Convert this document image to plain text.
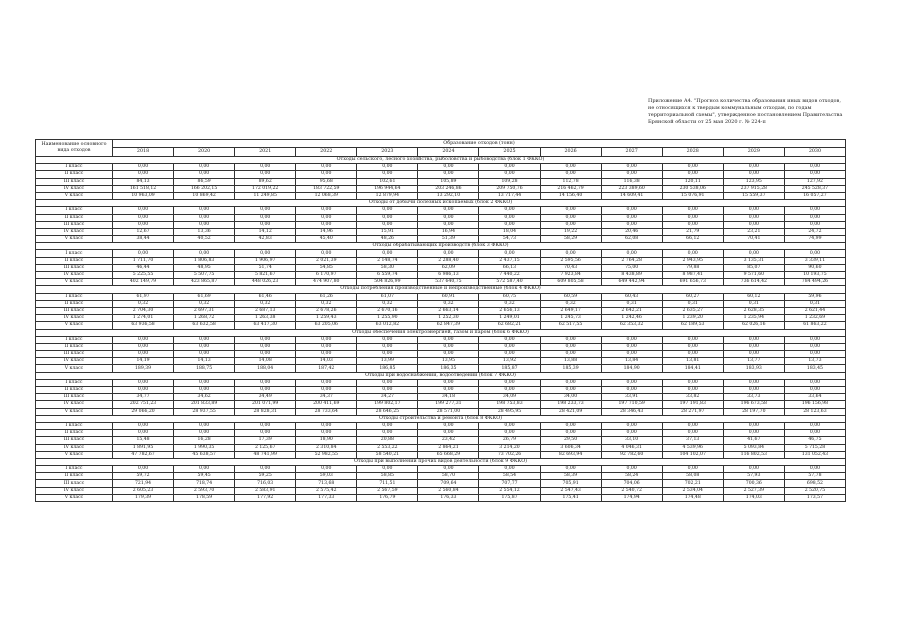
Приложение А4. "Прогноз количества образования иных видов отходов,
не относящихся к твердым коммунальным отходам, по годам
территориальной схемы", утвержденное постановлением Правительства
Брянской области от 25 мая 2020 г. № 224-п
Наименование основного вида отходов	Образование отходов (тонн)											
	2018	2020	2021	2022	2023	2024	2025	2026	2027	2028	2029	2030
Отходы сельского, лесного хозяйства, рыболовства и рыбоводства (блок 1 ФККО)												
I класс	0,00	0,00	0,00	0,00	0,00	0,00	0,00	0,00	0,00	0,00	0,00	0,00
II класс	0,00	0,00	0,00	0,00	0,00	0,00	0,00	0,00	0,00	0,00	0,00	0,00
III класс	84,13	86,59	89,62	95,68	102,61	105,89	109,28	112,78	116,38	120,11	123,95	127,92
IV класс	161 518,12	166 202,15	172 019,22	183 722,59	196 944,64	203 246,86	209 750,76	216 462,79	223 389,60	230 538,06	237 915,28	245 528,37
V класс	10 963,09	10 869,42	11 249,85	12 068,39	12 879,94	13 292,10	13 717,44	14 156,40	14 609,41	15 076,91	15 559,37	16 057,27
Отходы от добычи полезных ископаемых (блок 2 ФККО)												
I класс	0,00	0,00	0,00	0,00	0,00	0,00	0,00	0,00	0,00	0,00	0,00	0,00
II класс	0,00	0,00	0,00	0,00	0,00	0,00	0,00	0,00	0,00	0,00	0,00	0,00
III класс	0,00	0,00	0,00	0,00	0,00	0,00	0,00	0,00	0,00	0,00	0,00	0,00
IV класс	12,67	13,36	14,12	14,96	15,91	16,94	18,04	19,22	20,46	21,79	23,21	24,72
V класс	38,44	40,52	42,83	45,40	48,26	51,39	54,73	58,29	62,08	66,12	70,41	74,99
Отходы обрабатывающих производств (блок 3 ФККО)												
I класс	0,00	0,00	0,00	0,00	0,00	0,00	0,00	0,00	0,00	0,00	0,00	0,00
II класс	1 711,70	1 806,83	1 906,97	2 021,39	2 148,74	2 288,40	2 437,15	2 595,56	2 764,28	2 943,95	3 135,31	3 339,11
III класс	46,44	48,95	51,74	54,85	58,30	62,09	66,13	70,43	75,00	79,88	85,07	90,60
IV класс	5 225,55	5 507,75	5 821,67	6 170,97	6 559,74	6 986,13	7 440,22	7 923,84	8 438,89	8 987,41	9 571,60	10 193,75
V класс	402 149,79	423 865,87	448 026,23	474 907,80	504 826,99	537 640,75	572 587,40	609 805,58	649 442,94	691 656,73	736 614,42	784 494,26
Отходы потребления производственные и непроизводственные (блок 4 ФККО)												
I класс	61,97	61,69	61,46	61,26	61,07	60,91	60,75	60,59	60,43	60,27	60,12	59,96
II класс	0,32	0,32	0,32	0,32	0,32	0,32	0,32	0,32	0,31	0,31	0,31	0,31
III класс	2 704,30	2 697,31	2 687,13	2 678,26	2 670,16	2 663,14	2 656,13	2 649,17	2 642,21	2 635,27	2 628,35	2 621,44
IV класс	1 274,01	1 268,72	1 263,38	1 259,43	1 255,90	1 252,30	1 249,01	1 245,73	1 242,46	1 239,20	1 235,94	1 232,69
V класс	63 936,58	63 632,58	63 417,30	63 205,06	63 012,82	62 847,39	62 682,21	62 517,55	62 353,32	62 189,53	62 026,16	61 863,22
Отходы обеспечения электроэнергией, газом и паром (блок 6 ФККО)												
I класс	0,00	0,00	0,00	0,00	0,00	0,00	0,00	0,00	0,00	0,00	0,00	0,00
II класс	0,00	0,00	0,00	0,00	0,00	0,00	0,00	0,00	0,00	0,00	0,00	0,00
III класс	0,00	0,00	0,00	0,00	0,00	0,00	0,00	0,00	0,00	0,00	0,00	0,00
IV класс	14,19	14,13	14,08	14,03	13,99	13,95	13,92	13,88	13,84	13,81	13,77	13,73
V класс	189,39	188,75	188,04	187,42	186,85	186,35	185,87	185,39	184,90	184,41	183,93	183,45
Отходы при водоснабжении, водоотведении (блок 7 ФККО)												
I класс	0,00	0,00	0,00	0,00	0,00	0,00	0,00	0,00	0,00	0,00	0,00	0,00
II класс	0,00	0,00	0,00	0,00	0,00	0,00	0,00	0,00	0,00	0,00	0,00	0,00
III класс	34,77	34,62	34,49	34,37	34,27	34,18	34,09	34,00	33,91	33,82	33,73	33,64
IV класс	202 751,23	201 833,89	201 071,99	200 411,69	199 802,17	199 277,31	198 753,83	198 233,73	197 710,59	197 191,83	196 673,58	196 156,98
V класс	29 066,20	28 937,55	28 828,31	28 733,64	28 646,25	28 571,00	28 495,95	28 421,09	28 346,43	28 271,97	28 197,70	28 123,63
Отходы строительства и ремонта (блок 8 ФККО)												
I класс	0,00	0,00	0,00	0,00	0,00	0,00	0,00	0,00	0,00	0,00	0,00	0,00
II класс	0,00	0,00	0,00	0,00	0,00	0,00	0,00	0,00	0,00	0,00	0,00	0,00
III класс	15,48	16,28	17,39	18,90	20,88	23,42	26,79	29,50	33,10	37,13	41,67	46,75
IV класс	1 891,95	1 990,35	2 125,67	2 310,84	2 553,22	2 864,21	3 214,20	3 606,34	4 046,31	4 539,96	5 093,84	5 715,28
V класс	47 782,67	45 638,57	48 741,99	52 982,55	58 540,21	65 668,29	73 702,26	82 693,94	92 782,60	104 102,07	116 802,53	131 052,43
Отходы при выполнении прочих видов деятельности (блок 9 ФККО)												
I класс	0,00	0,00	0,00	0,00	0,00	0,00	0,00	0,00	0,00	0,00	0,00	0,00
II класс	59,72	59,45	59,25	59,03	58,85	58,70	58,54	58,39	58,24	58,08	57,93	57,78
III класс	721,94	718,74	716,03	713,68	711,51	709,64	707,77	705,91	704,06	702,21	700,36	698,52
IV класс	2 605,23	2 593,70	2 583,91	2 575,42	2 567,59	2 560,84	2 554,12	2 547,43	2 540,72	2 534,04	2 527,39	2 520,75
V класс	179,39	178,59	177,92	177,33	176,79	176,33	175,87	175,41	174,94	174,48	174,03	173,57
